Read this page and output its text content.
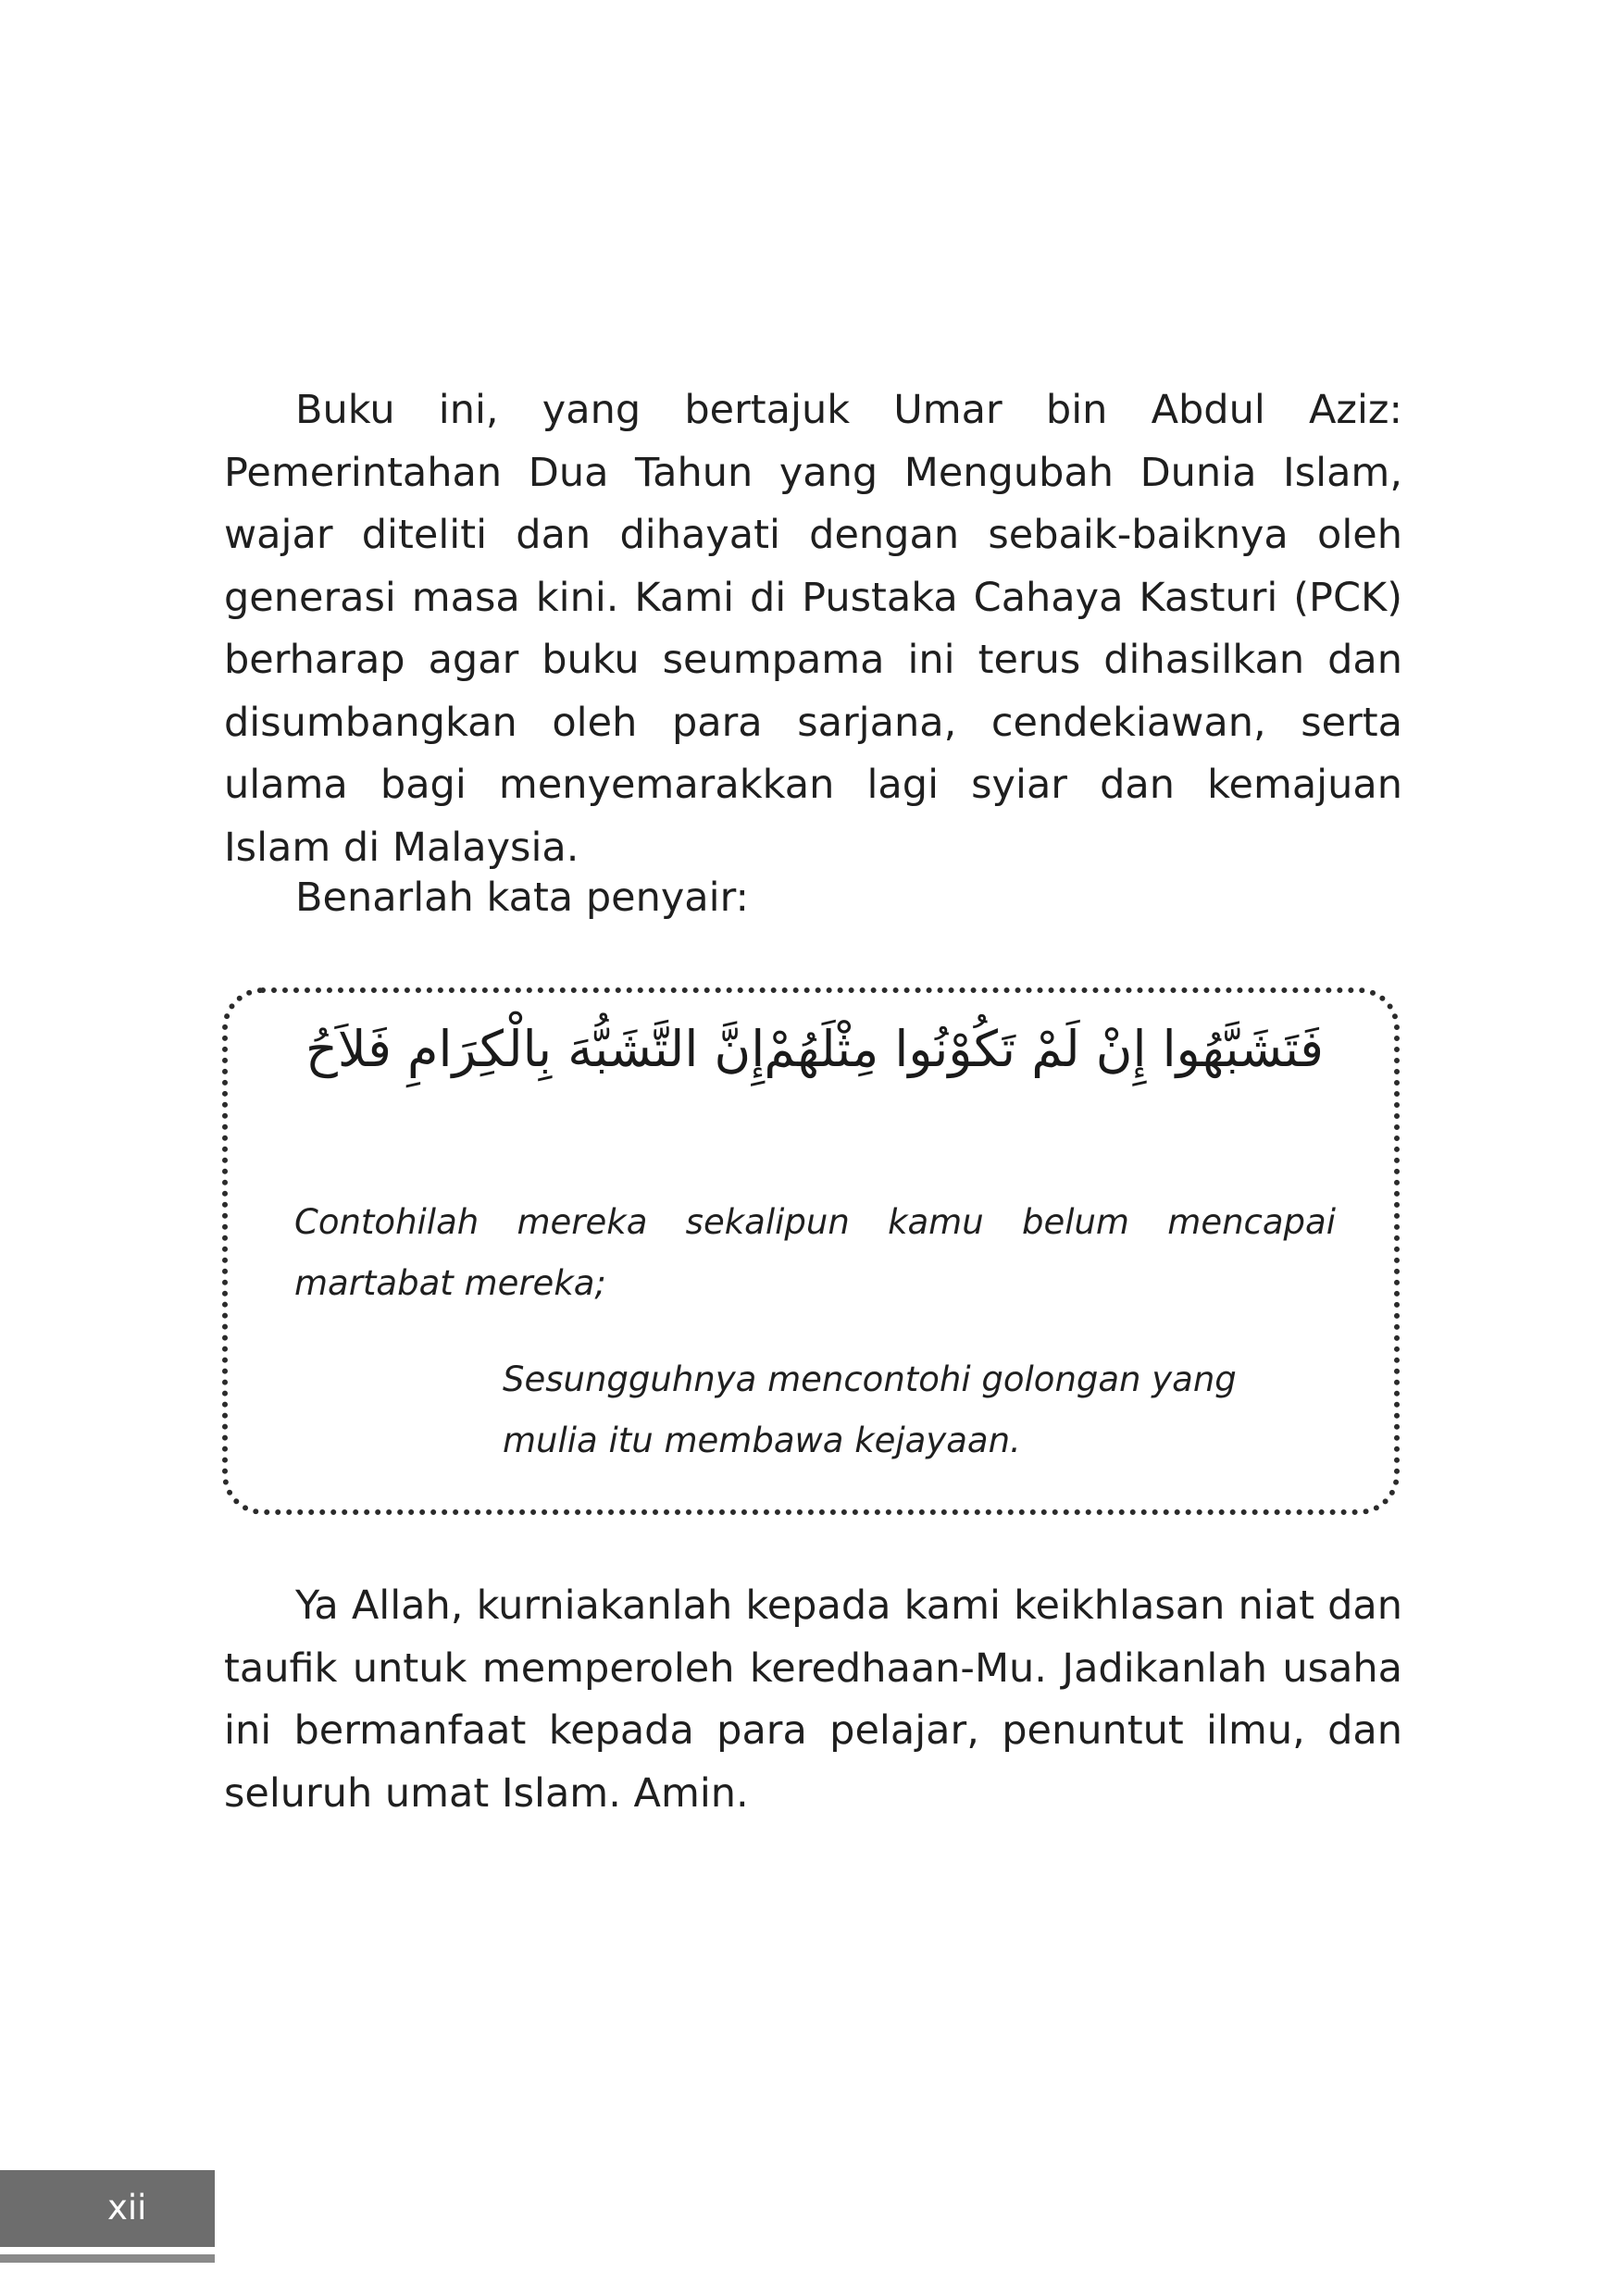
Buku ini, yang bertajuk Umar bin Abdul Aziz: Pemerintahan Dua Tahun yang Mengubah Dunia Islam, wajar diteliti dan dihayati dengan sebaik-baiknya oleh generasi masa kini. Kami di Pustaka Cahaya Kasturi (PCK) berharap agar buku seumpama ini terus dihasilkan dan disumbangkan oleh para sarjana, cendekiawan, serta ulama bagi menyemarakkan lagi syiar dan kemajuan Islam di Malaysia.

Benarlah kata penyair:

فَتَشَبَّهُوا إِنْ لَمْ تَكُوْنُوا مِثْلَهُمْ
إِنَّ التَّشَبُّهَ بِالْكِرَامِ فَلاَحُ

Contohilah mereka sekalipun kamu belum mencapai martabat mereka;

Sesungguhnya mencontohi golongan yang mulia itu membawa kejayaan.

Ya Allah, kurniakanlah kepada kami keikhlasan niat dan taufik untuk memperoleh keredhaan-Mu. Jadikanlah usaha ini bermanfaat kepada para pelajar, penuntut ilmu, dan seluruh umat Islam. Amin.

xii
